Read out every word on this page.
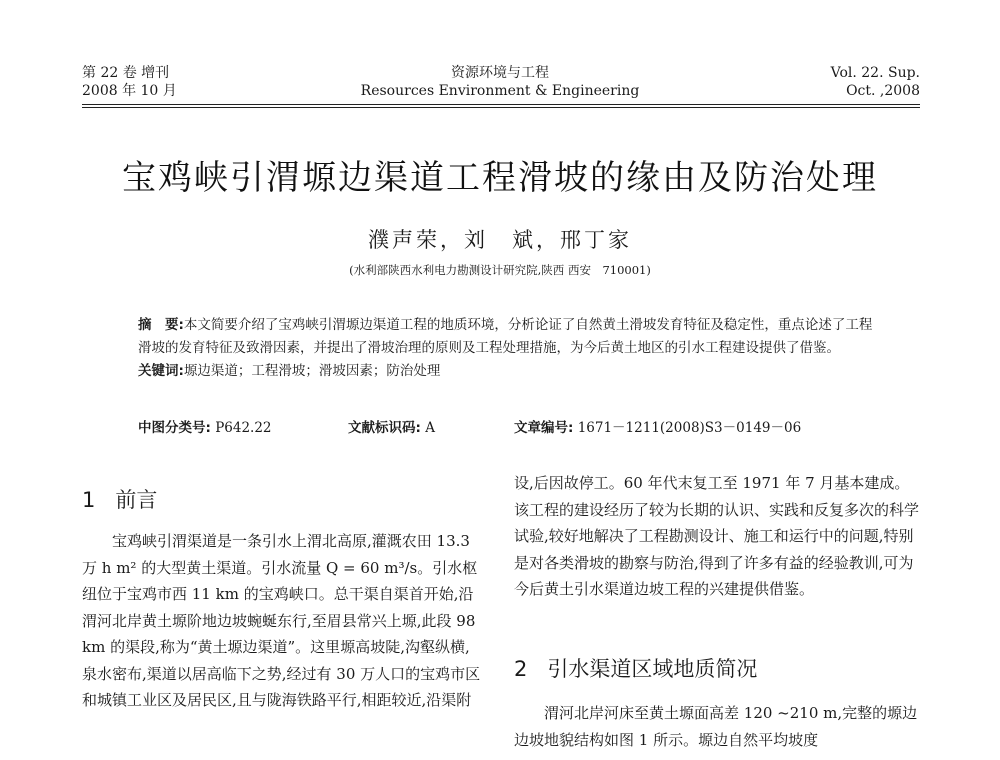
第 22 卷 增刊
2008 年 10 月
资源环境与工程
Resources Environment & Engineering
Vol. 22. Sup.
Oct. ,2008
宝鸡峡引渭塬边渠道工程滑坡的缘由及防治处理
濮声荣，刘　斌，邢丁家
(水利部陕西水利电力勘测设计研究院,陕西 西安　710001)
摘　要:本文简要介绍了宝鸡峡引渭塬边渠道工程的地质环境，分析论证了自然黄土滑坡发育特征及稳定性，重点论述了工程滑坡的发育特征及致滑因素，并提出了滑坡治理的原则及工程处理措施，为今后黄土地区的引水工程建设提供了借鉴。
关键词:塬边渠道；工程滑坡；滑坡因素；防治处理
中图分类号: P642.22	文献标识码: A	文章编号: 1671－1211(2008)S3－0149－06
1 前言

宝鸡峡引渭渠道是一条引水上渭北高原,灌溉农田 13.3 万 h m² 的大型黄土渠道。引水流量 Q = 60 m³/s。引水枢纽位于宝鸡市西 11 km 的宝鸡峡口。总干渠自渠首开始,沿渭河北岸黄土塬阶地边坡蜿蜒东行,至眉县常兴上塬,此段 98 km 的渠段,称为“黄土塬边渠道”。这里塬高坡陡,沟壑纵横,泉水密布,渠道以居高临下之势,经过有 30 万人口的宝鸡市区和城镇工业区及居民区,且与陇海铁路平行,相距较近,沿渠附

设,后因故停工。60 年代末复工至 1971 年 7 月基本建成。该工程的建设经历了较为长期的认识、实践和反复多次的科学试验,较好地解决了工程勘测设计、施工和运行中的问题,特别是对各类滑坡的勘察与防治,得到了许多有益的经验教训,可为今后黄土引水渠道边坡工程的兴建提供借鉴。

2 引水渠道区域地质简况

渭河北岸河床至黄土塬面高差 120 ~210 m,完整的塬边边坡地貌结构如图 1 所示。塬边自然平均坡度
